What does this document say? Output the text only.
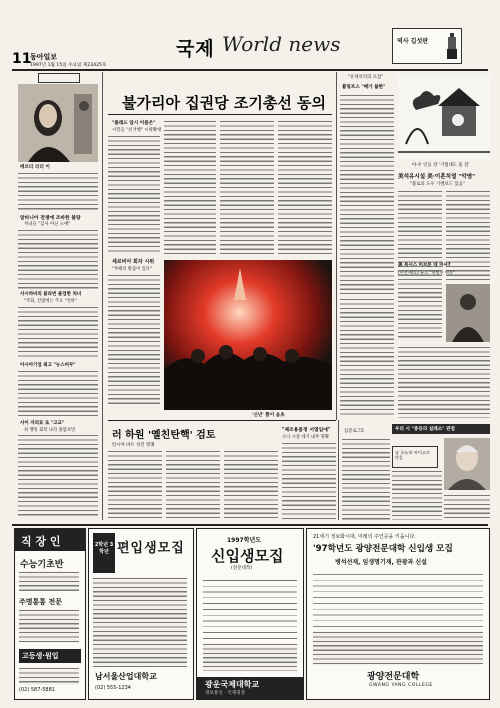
11
동아일보
1997년 1월 15일 수요일 제23425호
국제 World news	역사 깁섯판
베르티 리더 이
알바니아 전쟁에 조바한 블랑
처녀들 "김사 아닌 노예"
사시하비의 블라번 졸업한 처녀
"주화, 간밤에는 주요 "언바"
아시아기업 최고 "뉴스버무"
사이 자의료 로 "고교"
쉬 뱅킹 회복 나라 종합보면
불가리아 집권당 조기총선 동의
"플래드 얼시 이름은"
시민들 "선거행" 시위확대
세르비아 회자 시위
"부패의 탈출이 있다"
'신년' 뽑이 음초
"유네폭리의 요점"
뷸랑프스 "배가 불한"
아·우 인등 장 '기법대도 흡 점'
美석유시설 美·이혼치열 "악염"
"불로의 도우 기벨보드 있음"
美 특시스 비브론 대 미사?
(사진·배도) 뉴스 "머빙시 역등"
러 하원 '옐친탄핵' 검토
탄시아 바트 성전 명쾌
"제조용품정 서열임에"
소니 시장 데기 내부 명확
심층로그5	우리 시 "중등의 실례소" 관점
남 오뉴보 아이고르 맛을
직 장 인
수능기초반
주명통통 전문
고등생·원입
(02) 587-5881
2학년 3학년 편입생모집
남서울산업대학교
(02) 555-1234
1997학년도
신입생모집
(전문대학)
광운국제대학교
정보통신 · 국제경영
21세기 정보화시대, 미래의 주인공을 키웁니다.
'97학년도 광양전문대학 신입생 모집
병석선재, 임생명기재, 관광과 신설
광양전문대학
GWANG YANG COLLEGE
